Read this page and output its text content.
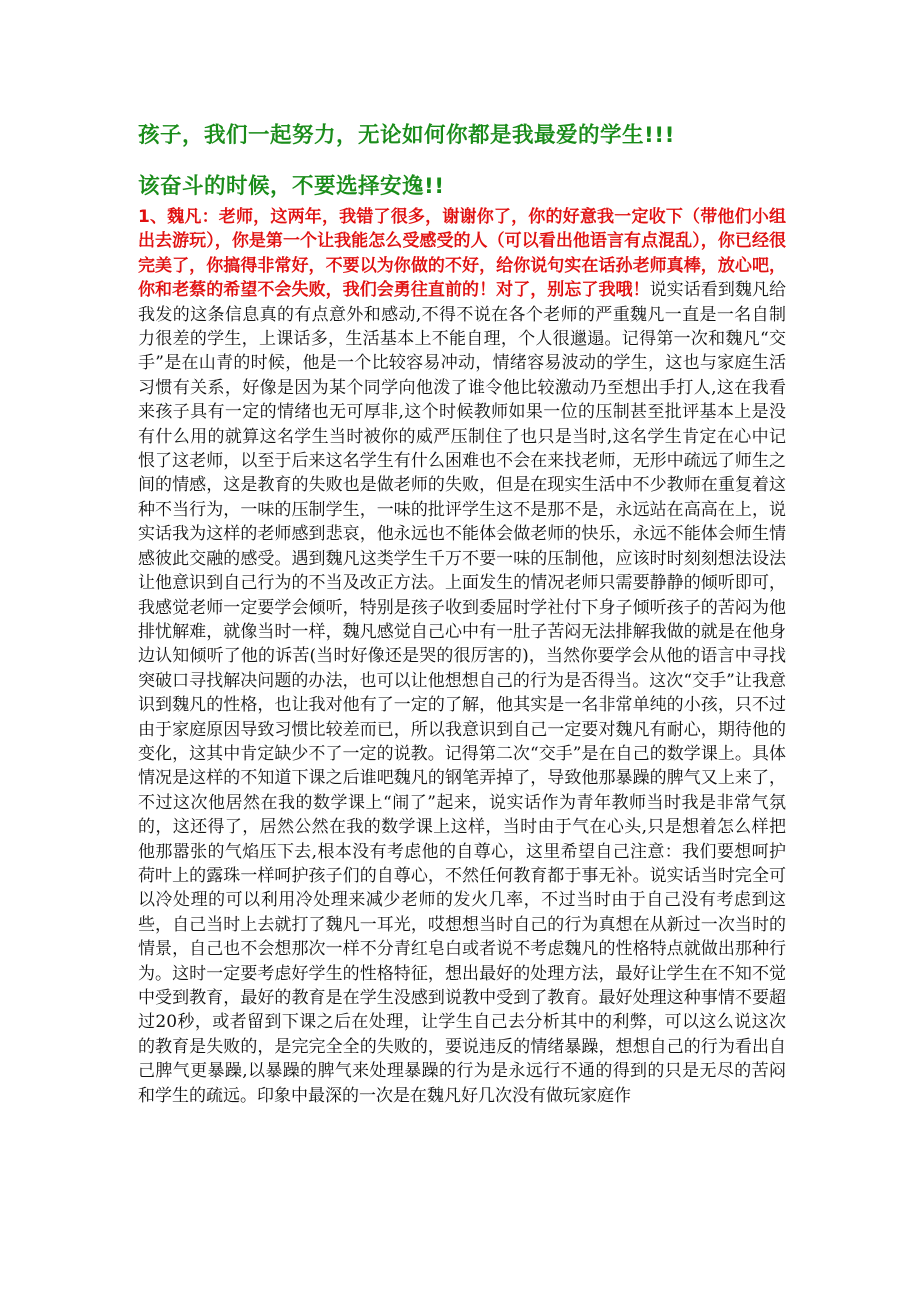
孩子，我们一起努力，无论如何你都是我最爱的学生!!!
该奋斗的时候，不要选择安逸!!
1、魏凡：老师，这两年，我错了很多，谢谢你了，你的好意我一定收下（带他们小组出去游玩），你是第一个让我能怎么受感受的人（可以看出他语言有点混乱），你已经很完美了，你搞得非常好，不要以为你做的不好，给你说句实在话孙老师真棒，放心吧，你和老蔡的希望不会失败，我们会勇往直前的！对了，别忘了我哦！说实话看到魏凡给我发的这条信息真的有点意外和感动,不得不说在各个老师的严重魏凡一直是一名自制力很差的学生，上课话多，生活基本上不能自理，个人很邋遢。记得第一次和魏凡“交手”是在山青的时候，他是一个比较容易冲动，情绪容易波动的学生，这也与家庭生活习惯有关系，好像是因为某个同学向他泼了谁令他比较激动乃至想出手打人,这在我看来孩子具有一定的情绪也无可厚非,这个时候教师如果一位的压制甚至批评基本上是没有什么用的就算这名学生当时被你的威严压制住了也只是当时,这名学生肯定在心中记恨了这老师，以至于后来这名学生有什么困难也不会在来找老师，无形中疏远了师生之间的情感，这是教育的失败也是做老师的失败，但是在现实生活中不少教师在重复着这种不当行为，一味的压制学生，一味的批评学生这不是那不是，永远站在高高在上，说实话我为这样的老师感到悲哀，他永远也不能体会做老师的快乐，永远不能体会师生情感彼此交融的感受。遇到魏凡这类学生千万不要一味的压制他，应该时时刻刻想法设法让他意识到自己行为的不当及改正方法。上面发生的情况老师只需要静静的倾听即可，我感觉老师一定要学会倾听，特别是孩子收到委屈时学社付下身子倾听孩子的苦闷为他排忧解难，就像当时一样，魏凡感觉自己心中有一肚子苦闷无法排解我做的就是在他身边认知倾听了他的诉苦(当时好像还是哭的很厉害的)，当然你要学会从他的语言中寻找突破口寻找解决问题的办法，也可以让他想想自己的行为是否得当。这次“交手”让我意识到魏凡的性格，也让我对他有了一定的了解，他其实是一名非常单纯的小孩，只不过由于家庭原因导致习惯比较差而已，所以我意识到自己一定要对魏凡有耐心，期待他的变化，这其中肯定缺少不了一定的说教。记得第二次“交手”是在自己的数学课上。具体情况是这样的不知道下课之后谁吧魏凡的钢笔弄掉了，导致他那暴躁的脾气又上来了，不过这次他居然在我的数学课上“闹了”起来，说实话作为青年教师当时我是非常气氛的，这还得了，居然公然在我的数学课上这样，当时由于气在心头,只是想着怎么样把他那嚣张的气焰压下去,根本没有考虑他的自尊心，这里希望自己注意：我们要想呵护荷叶上的露珠一样呵护孩子们的自尊心，不然任何教育都于事无补。说实话当时完全可以冷处理的可以利用冷处理来减少老师的发火几率，不过当时由于自己没有考虑到这些，自己当时上去就打了魏凡一耳光，哎想想当时自己的行为真想在从新过一次当时的情景，自己也不会想那次一样不分青红皂白或者说不考虑魏凡的性格特点就做出那种行为。这时一定要考虑好学生的性格特征，想出最好的处理方法，最好让学生在不知不觉中受到教育，最好的教育是在学生没感到说教中受到了教育。最好处理这种事情不要超过20秒，或者留到下课之后在处理，让学生自己去分析其中的利弊，可以这么说这次的教育是失败的，是完完全全的失败的，要说违反的情绪暴躁，想想自己的行为看出自己脾气更暴躁,以暴躁的脾气来处理暴躁的行为是永远行不通的得到的只是无尽的苦闷和学生的疏远。印象中最深的一次是在魏凡好几次没有做玩家庭作
